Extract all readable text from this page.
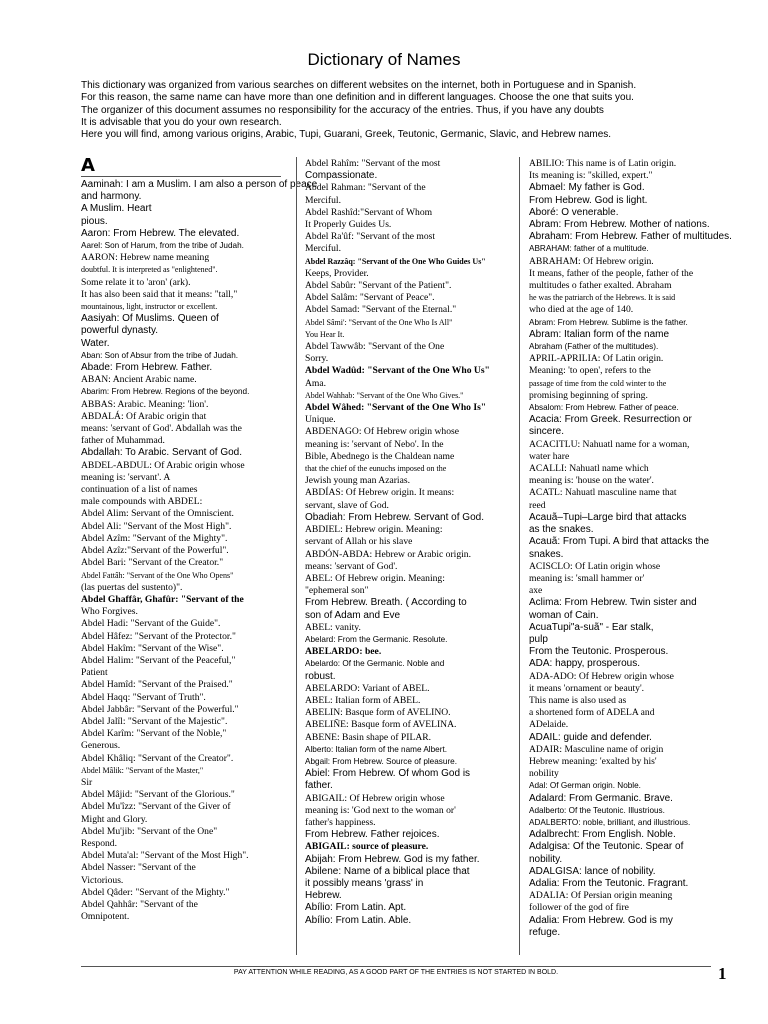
Dictionary of Names
This dictionary was organized from various searches on different websites on the internet, both in Portuguese and in Spanish.
For this reason, the same name can have more than one definition and in different languages. Choose the one that suits you.
The organizer of this document assumes no responsibility for the accuracy of the entries. Thus, if you have any doubts
It is advisable that you do your own research.
Here you will find, among various origins, Arabic, Tupi, Guarani, Greek, Teutonic, Germanic, Slavic, and Hebrew names.
A
Aaminah: I am a Muslim. I am also a person of peace
and harmony.
A Muslim. Heart
pious.
Aaron: From Hebrew. The elevated.
Aarel: Son of Harum, from the tribe of Judah.
AARON: Hebrew name meaning
doubtful. It is interpreted as "enlightened".
Some relate it to 'aron' (ark).
It has also been said that it means: "tall,"
mountainous, light, instructor or excellent.
Aasiyah: Of Muslims. Queen of
powerful dynasty.
Water.
Aban: Son of Absur from the tribe of Judah.
Abade: From Hebrew. Father.
ABAN: Ancient Arabic name.
Abarim: From Hebrew. Regions of the beyond.
ABBAS: Arabic. Meaning: 'lion'.
ABDALÁ: Of Arabic origin that
means: 'servant of God'. Abdallah was the
father of Muhammad.
Abdallah: To Arabic. Servant of God.
ABDEL-ABDUL: Of Arabic origin whose
meaning is: 'servant'. A
continuation of a list of names
male compounds with ABDEL:
Abdel Alim: Servant of the Omniscient.
Abdel Ali: "Servant of the Most High".
Abdel Azîm: "Servant of the Mighty".
Abdel Azîz:"Servant of the Powerful".
Abdel Bari: "Servant of the Creator."
Abdel Fattâh: "Servant of the One Who Opens"
(las puertas del sustento)".
Abdel Ghaffâr, Ghafûr: "Servant of the
Who Forgives.
Abdel Hadi: "Servant of the Guide".
Abdel Hâfez: "Servant of the Protector."
Abdel Hakîm: "Servant of the Wise".
Abdel Halim: "Servant of the Peaceful,"
Patient
Abdel Hamîd: "Servant of the Praised."
Abdel Haqq: "Servant of Truth".
Abdel Jabbâr: "Servant of the Powerful."
Abdel Jalîl: "Servant of the Majestic".
Abdel Karîm: "Servant of the Noble,"
Generous.
Abdel Khâliq: "Servant of the Creator".
Abdel Mâlik: "Servant of the Master,"
Sir
Abdel Mâjid: "Servant of the Glorious."
Abdel Mu'îzz: "Servant of the Giver of
Might and Glory.
Abdel Mu'jib: "Servant of the One"
Respond.
Abdel Muta'al: "Servant of the Most High".
Abdel Nasser: "Servant of the
Victorious.
Abdel Qâder: "Servant of the Mighty."
Abdel Qahhâr: "Servant of the
Omnipotent.
Abdel Rahîm: "Servant of the most
Compassionate.
Abdel Rahman: "Servant of the
Merciful.
Abdel Rashîd:"Servant of Whom
It Properly Guides Us.
Abdel Ra'ûf: "Servant of the most
Merciful.
Abdel Razzâq: "Servant of the One Who Guides Us"
Keeps, Provider.
Abdel Sabûr: "Servant of the Patient".
Abdel Salâm: "Servant of Peace".
Abdel Samad: "Servant of the Eternal."
Abdel Sâmi': "Servant of the One Who Is All"
You Hear It.
Abdel Tawwâb: "Servant of the One
Sorry.
Abdel Wadûd: "Servant of the One Who Us"
Ama.
Abdel Wahhab: "Servant of the One Who Gives."
Abdel Wâhed: "Servant of the One Who Is"
Unique.
ABDENAGO: Of Hebrew origin whose
meaning is: 'servant of Nebo'. In the
Bible, Abednego is the Chaldean name
that the chief of the eunuchs imposed on the
Jewish young man Azarias.
ABDÍAS: Of Hebrew origin. It means:
servant, slave of God.
Obadiah: From Hebrew. Servant of God.
ABDIEL: Hebrew origin. Meaning:
servant of Allah or his slave
ABDÓN-ABDA: Hebrew or Arabic origin.
means: 'servant of God'.
ABEL: Of Hebrew origin. Meaning:
"ephemeral son"
From Hebrew. Breath. ( According to
son of Adam and Eve
ABEL: vanity.
Abelard: From the Germanic. Resolute.
ABELARDO: bee.
Abelardo: Of the Germanic. Noble and
robust.
ABELARDO: Variant of ABEL.
ABEL: Italian form of ABEL.
ABELIN: Basque form of AVELINO.
ABELIÑE: Basque form of AVELINA.
ABENE: Basin shape of PILAR.
Alberto: Italian form of the name Albert.
Abgail: From Hebrew. Source of pleasure.
Abiel: From Hebrew. Of whom God is
father.
ABIGAIL: Of Hebrew origin whose
meaning is: 'God next to the woman or'
father's happiness.
From Hebrew. Father rejoices.
ABIGAIL: source of pleasure.
Abijah: From Hebrew. God is my father.
Abilene: Name of a biblical place that
it possibly means 'grass' in
Hebrew.
Abílio: From Latin. Apt.
Abílio: From Latin. Able.
ABILIO: This name is of Latin origin.
Its meaning is: "skilled, expert."
Abmael: My father is God.
From Hebrew. God is light.
Aboré: O venerable.
Abram: From Hebrew. Mother of nations.
Abraham: From Hebrew. Father of multitudes.
ABRAHAM: father of a multitude.
ABRAHAM: Of Hebrew origin.
It means, father of the people, father of the
multitudes o father exalted. Abraham
he was the patriarch of the Hebrews. It is said
who died at the age of 140.
Abram: From Hebrew. Sublime is the father.
Abram: Italian form of the name
Abraham (Father of the multitudes).
APRIL-APRILIA: Of Latin origin.
Meaning: 'to open', refers to the
passage of time from the cold winter to the
promising beginning of spring.
Absalom: From Hebrew. Father of peace.
Acacia: From Greek. Resurrection or
sincere.
ACACITLU: Nahuatl name for a woman,
water hare
ACALLI: Nahuatl name which
meaning is: 'house on the water'.
ACATL: Nahuatl masculine name that
reed
Acauã–Tupi–Large bird that attacks
as the snakes.
Acauã: From Tupi. A bird that attacks the
snakes.
ACISCLO: Of Latin origin whose
meaning is: 'small hammer or'
axe
Aclima: From Hebrew. Twin sister and
woman of Cain.
AcuaTupi"a-suã" - Ear stalk,
pulp
From the Teutonic. Prosperous.
ADA: happy, prosperous.
ADA-ADO: Of Hebrew origin whose
it means 'ornament or beauty'.
This name is also used as
a shortened form of ADELA and
ADelaide.
ADAIL: guide and defender.
ADAIR: Masculine name of origin
Hebrew meaning: 'exalted by his'
nobility
Adal: Of German origin. Noble.
Adalard: From Germanic. Brave.
Adalberto: Of the Teutonic. Illustrious.
ADALBERTO: noble, brilliant, and illustrious.
Adalbrecht: From English. Noble.
Adalgisa: Of the Teutonic. Spear of
nobility.
ADALGISA: lance of nobility.
Adalia: From the Teutonic. Fragrant.
ADALIA: Of Persian origin meaning
follower of the god of fire
Adalia: From Hebrew. God is my
refuge.
PAY ATTENTION WHILE READING, AS A GOOD PART OF THE ENTRIES IS NOT STARTED IN BOLD.	1
